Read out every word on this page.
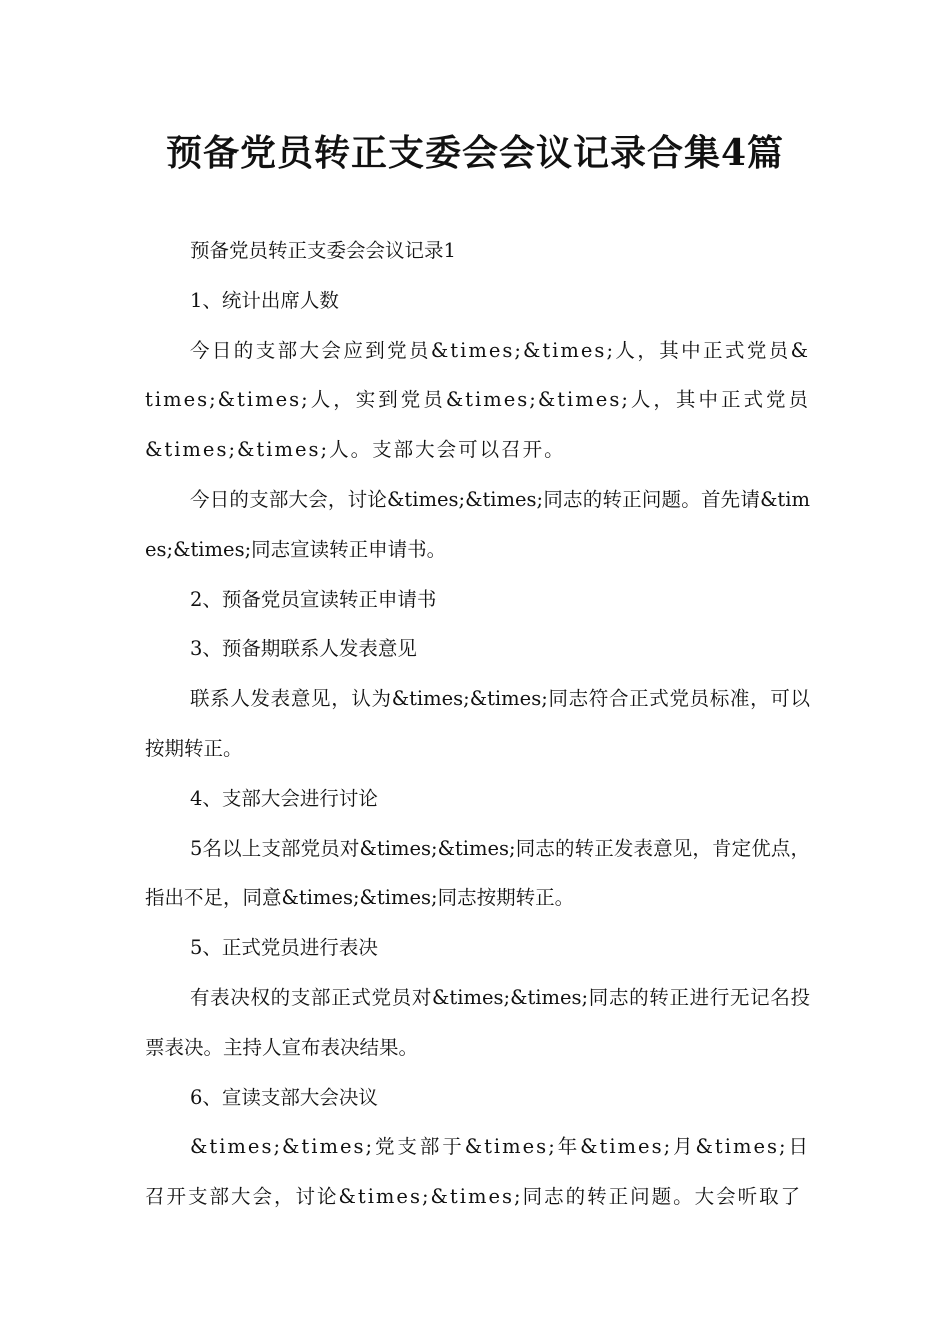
预备党员转正支委会会议记录合集4篇

预备党员转正支委会会议记录1

1、统计出席人数

今日的支部大会应到党员&times;&times;人，其中正式党员&times;&times;人，实到党员&times;&times;人，其中正式党员&times;&times;人。支部大会可以召开。

今日的支部大会，讨论&times;&times;同志的转正问题。首先请&times;&times;同志宣读转正申请书。

2、预备党员宣读转正申请书

3、预备期联系人发表意见

联系人发表意见，认为&times;&times;同志符合正式党员标准，可以按期转正。

4、支部大会进行讨论

5名以上支部党员对&times;&times;同志的转正发表意见，肯定优点，指出不足，同意&times;&times;同志按期转正。

5、正式党员进行表决

有表决权的支部正式党员对&times;&times;同志的转正进行无记名投票表决。主持人宣布表决结果。

6、宣读支部大会决议

&times;&times;党支部于&times;年&times;月&times;日召开支部大会，讨论&times;&times;同志的转正问题。大会听取了
